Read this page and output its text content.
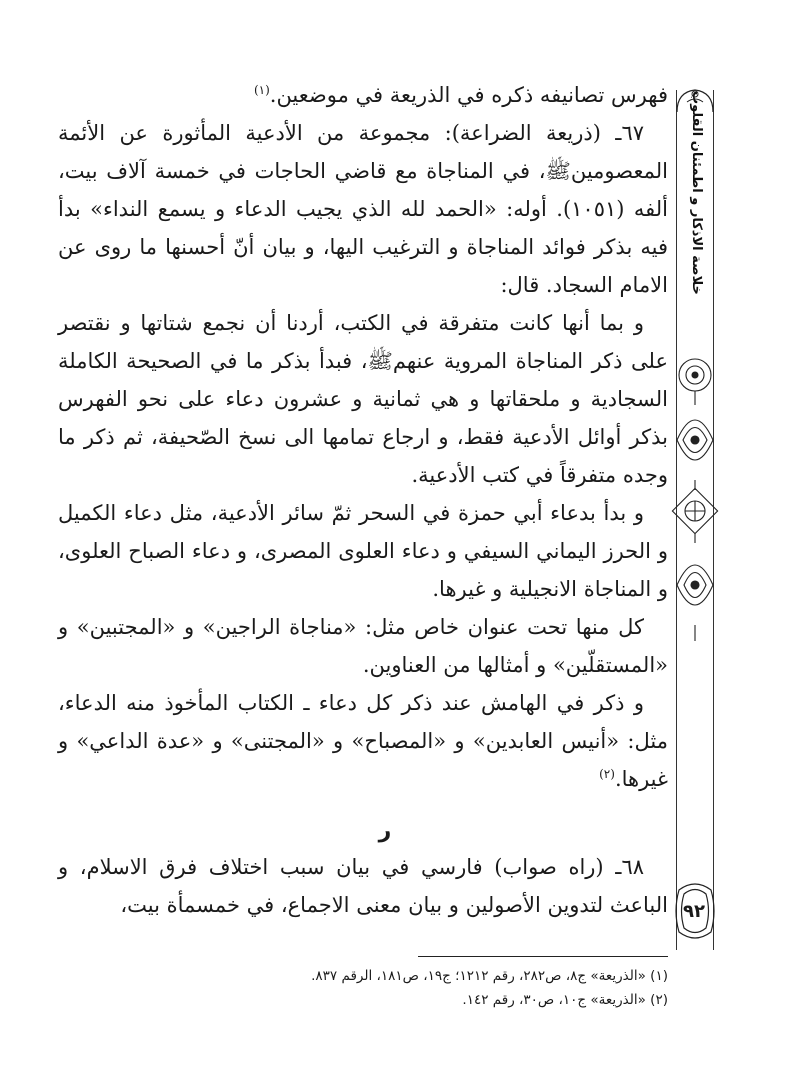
خلاصة الاذكار و اطمئنان القلوب
٩٢

فهرس تصانيفه ذكره في الذريعة في موضعين.$^{(١)}$

٦٧ـ (ذريعة الضراعة): مجموعة من الأدعية المأثورة عن الأئمة المعصومينﷺ، في المناجاة مع قاضي الحاجات في خمسة آلاف بيت، ألفه (١٠٥١). أوله: «الحمد لله الذي يجيب الدعاء و يسمع النداء» بدأ فيه بذكر فوائد المناجاة و الترغيب اليها، و بيان أنّ أحسنها ما روى عن الامام السجاد. قال:

و بما أنها كانت متفرقة في الكتب، أردنا أن نجمع شتاتها و نقتصر على ذكر المناجاة المروية عنهمﷺ، فبدأ بذكر ما في الصحيحة الكاملة السجادية و ملحقاتها و هي ثمانية و عشرون دعاء على نحو الفهرس بذكر أوائل الأدعية فقط، و ارجاع تمامها الى نسخ الصّحيفة، ثم ذكر ما وجده متفرقاً في كتب الأدعية.

و بدأ بدعاء أبي حمزة في السحر ثمّ سائر الأدعية، مثل دعاء الكميل و الحرز اليماني السيفي و دعاء العلوى المصرى، و دعاء الصباح العلوى، و المناجاة الانجيلية و غيرها.

كل منها تحت عنوان خاص مثل: «مناجاة الراجين» و «المجتبين» و «المستقلّين» و أمثالها من العناوين.

و ذكر في الهامش عند ذكر كل دعاء ـ الكتاب المأخوذ منه الدعاء، مثل: «أنيس العابدين» و «المصباح» و «المجتنى» و «عدة الداعي» و غيرها.$^{(٢)}$

ر

٦٨ـ (راه صواب) فارسي في بيان سبب اختلاف فرق الاسلام، و الباعث لتدوين الأصولين و بيان معنى الاجماع، في خمسمأة بيت،

(١) «الذريعة» ج٨، ص٢٨٢، رقم ١٢١٢؛ ج١٩، ص١٨١، الرقم ٨٣٧.

(٢) «الذريعة» ج١٠، ص٣٠، رقم ١٤٢.
